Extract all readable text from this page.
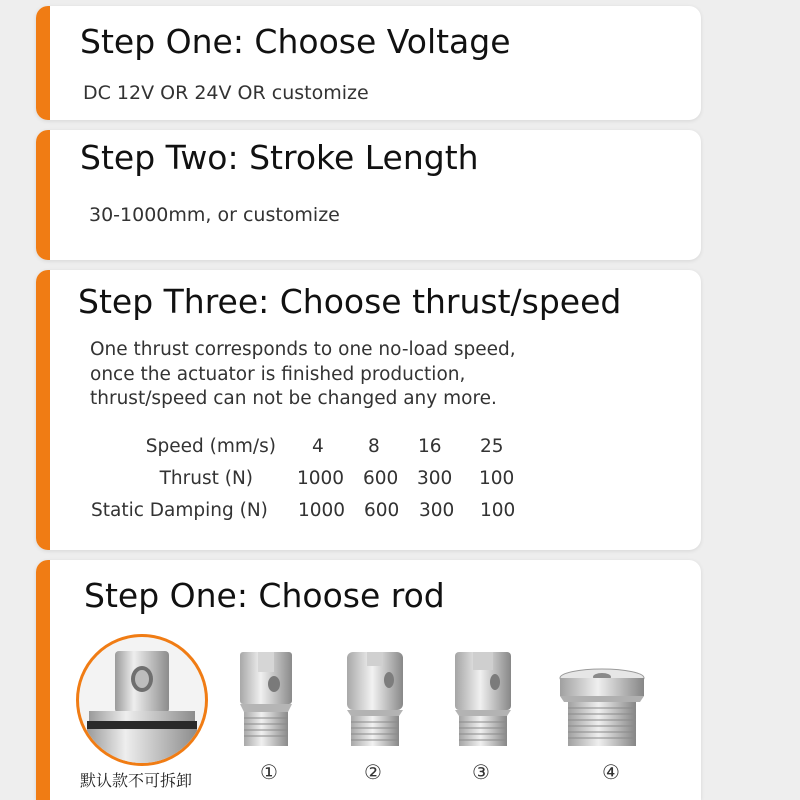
Step One: Choose Voltage
DC 12V OR 24V OR customize
Step Two: Stroke Length
30-1000mm, or customize
Step Three: Choose thrust/speed
One thrust corresponds to one no-load speed,
once the actuator is finished production,
thrust/speed can not be changed any more.
Speed (mm/s) 4 8 16 25
Thrust (N) 1000 600 300 100
Static Damping (N) 1000 600 300 100
Step One: Choose rod
默认款不可拆卸	①	②	③	④
